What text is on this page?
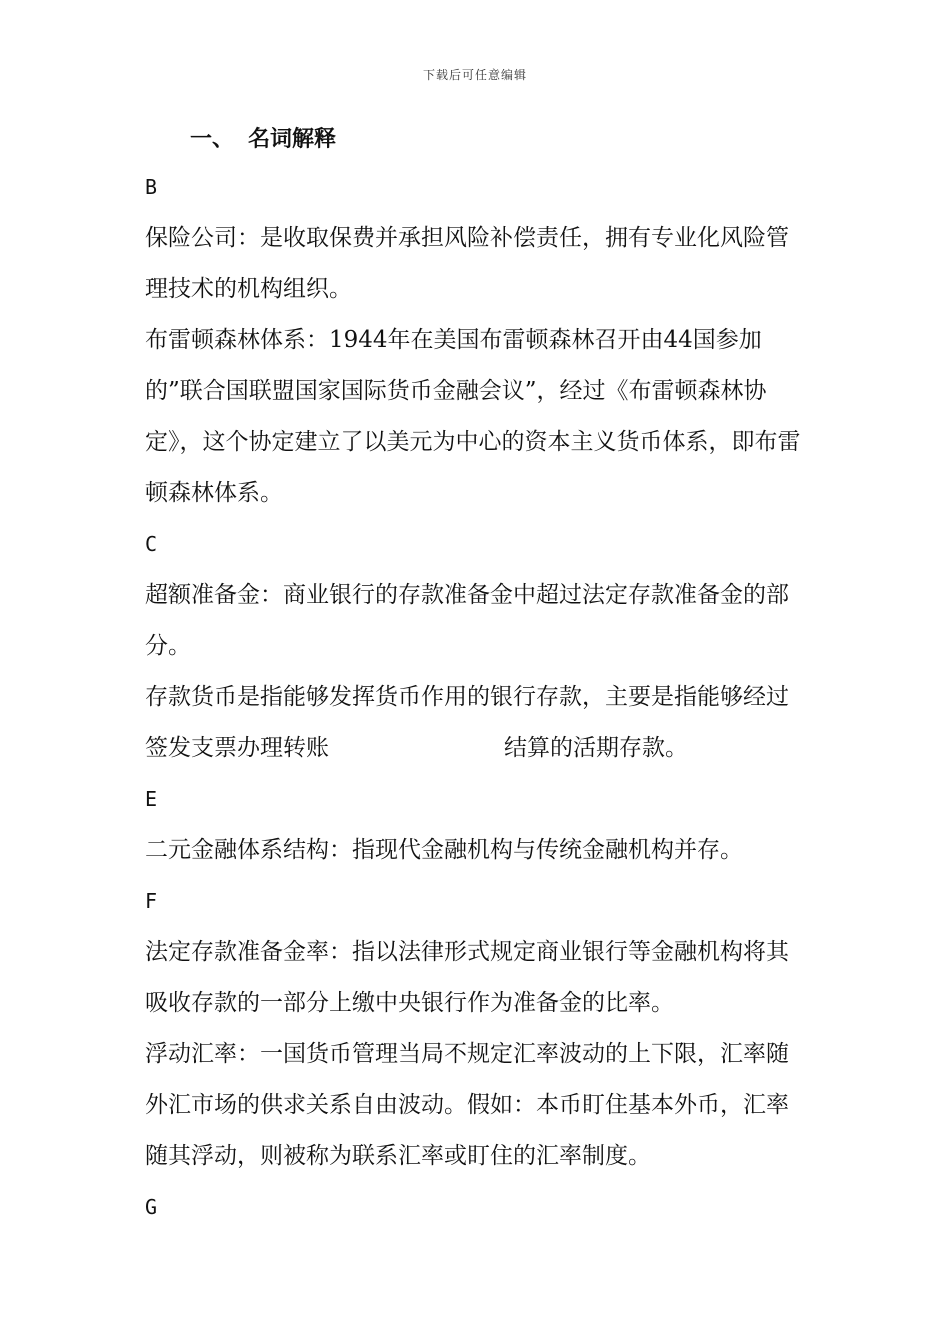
下载后可任意编辑
一、 名词解释
B

保险公司：是收取保费并承担风险补偿责任，拥有专业化风险管理技术的机构组织。

布雷顿森林体系：1944年在美国布雷顿森林召开由44国参加的”联合国联盟国家国际货币金融会议”，经过《布雷顿森林协定》，这个协定建立了以美元为中心的资本主义货币体系，即布雷顿森林体系。

C

超额准备金：商业银行的存款准备金中超过法定存款准备金的部分。

存款货币是指能够发挥货币作用的银行存款，主要是指能够经过签发支票办理转账	结算的活期存款。

E

二元金融体系结构：指现代金融机构与传统金融机构并存。

F

法定存款准备金率：指以法律形式规定商业银行等金融机构将其吸收存款的一部分上缴中央银行作为准备金的比率。

浮动汇率：一国货币管理当局不规定汇率波动的上下限，汇率随外汇市场的供求关系自由波动。假如：本币盯住基本外币，汇率随其浮动，则被称为联系汇率或盯住的汇率制度。

G
